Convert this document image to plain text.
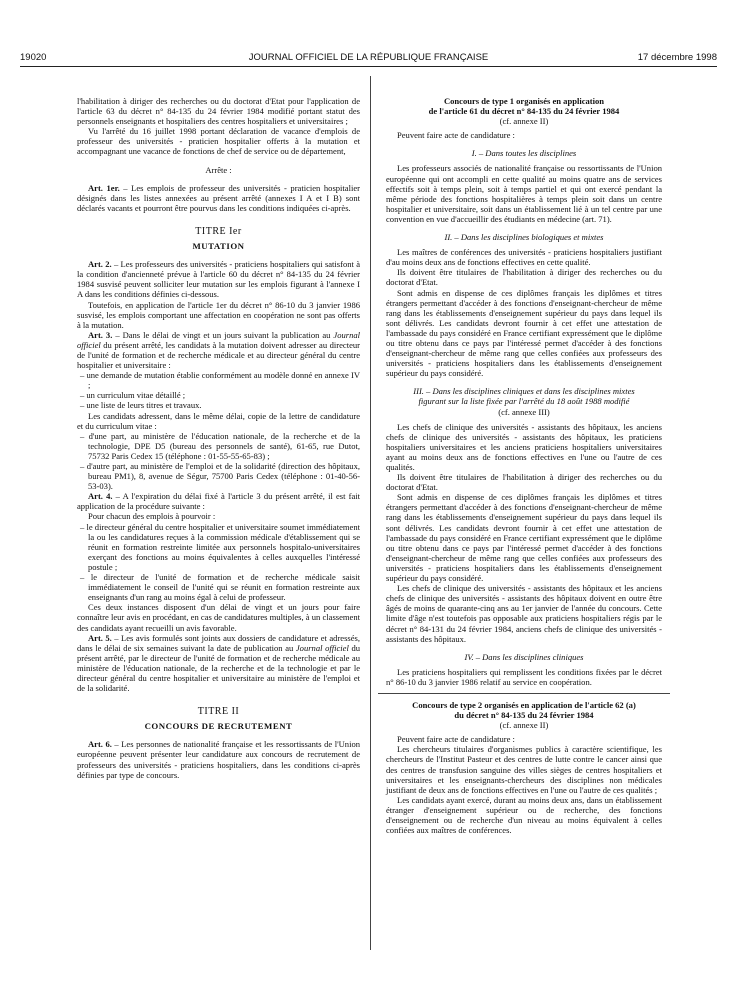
19020	JOURNAL OFFICIEL DE LA RÉPUBLIQUE FRANÇAISE	17 décembre 1998

l'habilitation à diriger des recherches ou du doctorat d'Etat pour l'application de l'article 63 du décret n° 84-135 du 24 février 1984 modifié portant statut des personnels enseignants et hospitaliers des centres hospitaliers et universitaires ;

Vu l'arrêté du 16 juillet 1998 portant déclaration de vacance d'emplois de professeur des universités - praticien hospitalier offerts à la mutation et accompagnant une vacance de fonctions de chef de service ou de département,

Arrête :

Art. 1er. – Les emplois de professeur des universités - praticien hospitalier désignés dans les listes annexées au présent arrêté (annexes I A et I B) sont déclarés vacants et pourront être pourvus dans les conditions indiquées ci-après.

TITRE Ier

MUTATION

Art. 2. – Les professeurs des universités - praticiens hospitaliers qui satisfont à la condition d'ancienneté prévue à l'article 60 du décret n° 84-135 du 24 février 1984 susvisé peuvent solliciter leur mutation sur les emplois figurant à l'annexe I A dans les conditions définies ci-dessous.

Toutefois, en application de l'article 1er du décret n° 86-10 du 3 janvier 1986 susvisé, les emplois comportant une affectation en coopération ne sont pas offerts à la mutation.

Art. 3. – Dans le délai de vingt et un jours suivant la publication au Journal officiel du présent arrêté, les candidats à la mutation doivent adresser au directeur de l'unité de formation et de recherche médicale et au directeur général du centre hospitalier et universitaire :

– une demande de mutation établie conformément au modèle donné en annexe IV ;
– un curriculum vitae détaillé ;
– une liste de leurs titres et travaux.

Les candidats adressent, dans le même délai, copie de la lettre de candidature et du curriculum vitae :

– d'une part, au ministère de l'éducation nationale, de la recherche et de la technologie, DPE D5 (bureau des personnels de santé), 61-65, rue Dutot, 75732 Paris Cedex 15 (téléphone : 01-55-55-65-83) ;
– d'autre part, au ministère de l'emploi et de la solidarité (direction des hôpitaux, bureau PM1), 8, avenue de Ségur, 75700 Paris Cedex (téléphone : 01-40-56-53-03).

Art. 4. – A l'expiration du délai fixé à l'article 3 du présent arrêté, il est fait application de la procédure suivante :

Pour chacun des emplois à pourvoir :

– le directeur général du centre hospitalier et universitaire soumet immédiatement la ou les candidatures reçues à la commission médicale d'établissement qui se réunit en formation restreinte limitée aux personnels hospitalo-universitaires exerçant des fonctions au moins équivalentes à celles auxquelles l'intéressé postule ;
– le directeur de l'unité de formation et de recherche médicale saisit immédiatement le conseil de l'unité qui se réunit en formation restreinte aux enseignants d'un rang au moins égal à celui de professeur.

Ces deux instances disposent d'un délai de vingt et un jours pour faire connaître leur avis en procédant, en cas de candidatures multiples, à un classement des candidats ayant recueilli un avis favorable.

Art. 5. – Les avis formulés sont joints aux dossiers de candidature et adressés, dans le délai de six semaines suivant la date de publication au Journal officiel du présent arrêté, par le directeur de l'unité de formation et de recherche médicale au ministère de l'éducation nationale, de la recherche et de la technologie et par le directeur général du centre hospitalier et universitaire au ministère de l'emploi et de la solidarité.

TITRE II

CONCOURS DE RECRUTEMENT

Art. 6. – Les personnes de nationalité française et les ressortissants de l'Union européenne peuvent présenter leur candidature aux concours de recrutement de professeurs des universités - praticiens hospitaliers, dans les conditions ci-après définies par type de concours.

Concours de type 1 organisés en application

de l'article 61 du décret n° 84-135 du 24 février 1984

(cf. annexe II)

Peuvent faire acte de candidature :

I. – Dans toutes les disciplines

Les professeurs associés de nationalité française ou ressortissants de l'Union européenne qui ont accompli en cette qualité au moins quatre ans de services effectifs soit à temps plein, soit à temps partiel et qui ont exercé pendant la même période des fonctions hospitalières à temps plein soit dans un centre hospitalier et universitaire, soit dans un établissement lié à un tel centre par une convention en vue d'accueillir des étudiants en médecine (art. 71).

II. – Dans les disciplines biologiques et mixtes

Les maîtres de conférences des universités - praticiens hospitaliers justifiant d'au moins deux ans de fonctions effectives en cette qualité.

Ils doivent être titulaires de l'habilitation à diriger des recherches ou du doctorat d'Etat.

Sont admis en dispense de ces diplômes français les diplômes et titres étrangers permettant d'accéder à des fonctions d'enseignant-chercheur de même rang dans les établissements d'enseignement supérieur du pays dans lequel ils sont délivrés. Les candidats devront fournir à cet effet une attestation de l'ambassade du pays considéré en France certifiant expressément que le diplôme ou titre obtenu dans ce pays par l'intéressé permet d'accéder à des fonctions d'enseignant-chercheur de même rang que celles confiées aux professeurs des universités - praticiens hospitaliers dans les établissements d'enseignement supérieur du pays considéré.

III. – Dans les disciplines cliniques et dans les disciplines mixtes

figurant sur la liste fixée par l'arrêté du 18 août 1988 modifié

(cf. annexe III)

Les chefs de clinique des universités - assistants des hôpitaux, les anciens chefs de clinique des universités - assistants des hôpitaux, les praticiens hospitaliers universitaires et les anciens praticiens hospitaliers universitaires ayant au moins deux ans de fonctions effectives en l'une ou l'autre de ces qualités.

Ils doivent être titulaires de l'habilitation à diriger des recherches ou du doctorat d'Etat.

Sont admis en dispense de ces diplômes français les diplômes et titres étrangers permettant d'accéder à des fonctions d'enseignant-chercheur de même rang dans les établissements d'enseignement supérieur du pays dans lequel ils sont délivrés. Les candidats devront fournir à cet effet une attestation de l'ambassade du pays considéré en France certifiant expressément que le diplôme ou titre obtenu dans ce pays par l'intéressé permet d'accéder à des fonctions d'enseignant-chercheur de même rang que celles confiées aux professeurs des universités - praticiens hospitaliers dans les établissements d'enseignement supérieur du pays considéré.

Les chefs de clinique des universités - assistants des hôpitaux et les anciens chefs de clinique des universités - assistants des hôpitaux doivent en outre être âgés de moins de quarante-cinq ans au 1er janvier de l'année du concours. Cette limite d'âge n'est toutefois pas opposable aux praticiens hospitaliers régis par le décret n° 84-131 du 24 février 1984, anciens chefs de clinique des universités - assistants des hôpitaux.

IV. – Dans les disciplines cliniques

Les praticiens hospitaliers qui remplissent les conditions fixées par le décret n° 86-10 du 3 janvier 1986 relatif au service en coopération.

Concours de type 2 organisés en application de l'article 62 (a)

du décret n° 84-135 du 24 février 1984

(cf. annexe II)

Peuvent faire acte de candidature :

Les chercheurs titulaires d'organismes publics à caractère scientifique, les chercheurs de l'Institut Pasteur et des centres de lutte contre le cancer ainsi que des centres de transfusion sanguine des villes sièges de centres hospitaliers et universitaires et les enseignants-chercheurs des disciplines non médicales justifiant de deux ans de fonctions effectives en l'une ou l'autre de ces qualités ;

Les candidats ayant exercé, durant au moins deux ans, dans un établissement étranger d'enseignement supérieur ou de recherche, des fonctions d'enseignement ou de recherche d'un niveau au moins équivalent à celles confiées aux maîtres de conférences.
